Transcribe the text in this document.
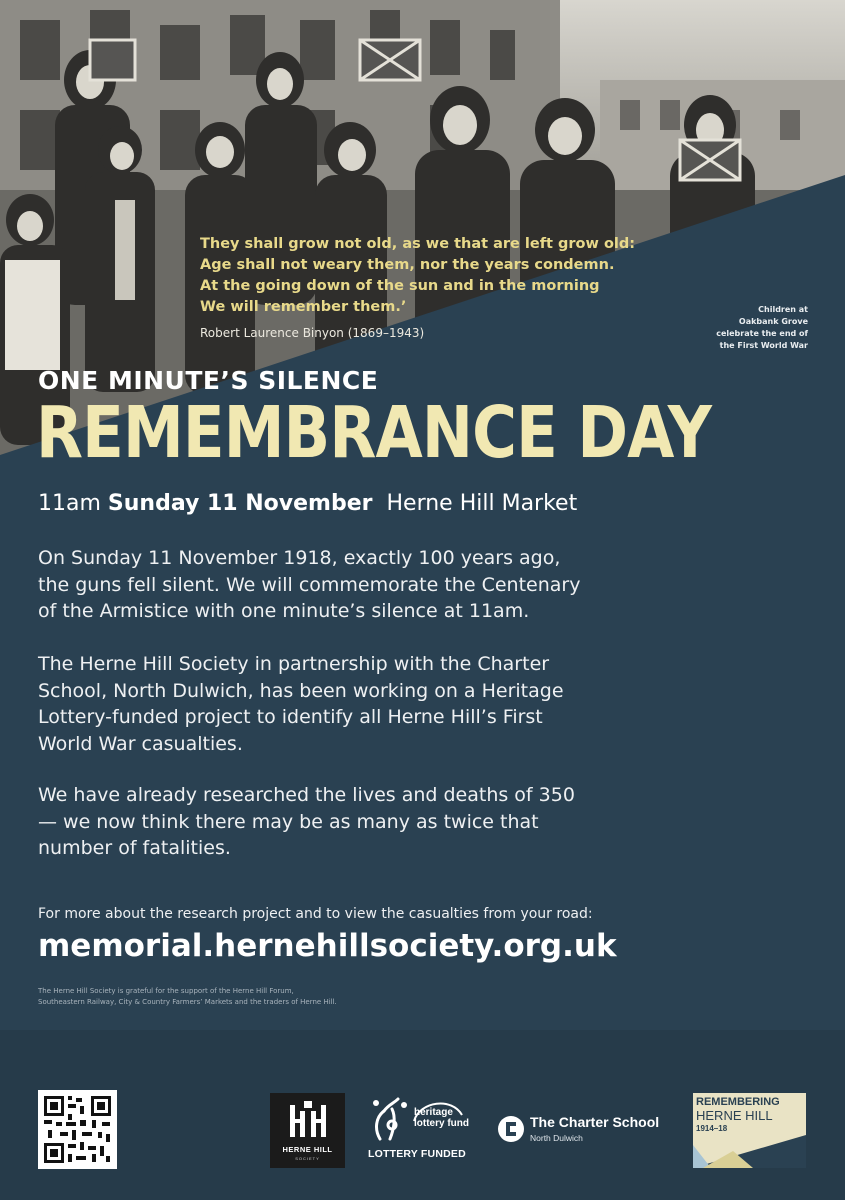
They shall grow not old, as we that are left grow old:
Age shall not weary them, nor the years condemn.
At the going down of the sun and in the morning
We will remember them.’
Robert Laurence Binyon (1869–1943)
Children at
Oakbank Grove
celebrate the end of
the First World War
ONE MINUTE’S SILENCE
REMEMBRANCE DAY
11am Sunday 11 November Herne Hill Market
On Sunday 11 November 1918, exactly 100 years ago,
the guns fell silent. We will commemorate the Centenary
of the Armistice with one minute’s silence at 11am.
The Herne Hill Society in partnership with the Charter
School, North Dulwich, has been working on a Heritage
Lottery-funded project to identify all Herne Hill’s First
World War casualties.
We have already researched the lives and deaths of 350
— we now think there may be as many as twice that
number of fatalities.
For more about the research project and to view the casualties from your road:
memorial.hernehillsociety.org.uk
The Herne Hill Society is grateful for the support of the Herne Hill Forum,
Southeastern Railway, City & Country Farmers’ Markets and the traders of Herne Hill.
HERNE HILL
SOCIETY
heritage
lottery fund
LOTTERY FUNDED
The Charter School
North Dulwich
REMEMBERING
HERNE HILL
1914–18
